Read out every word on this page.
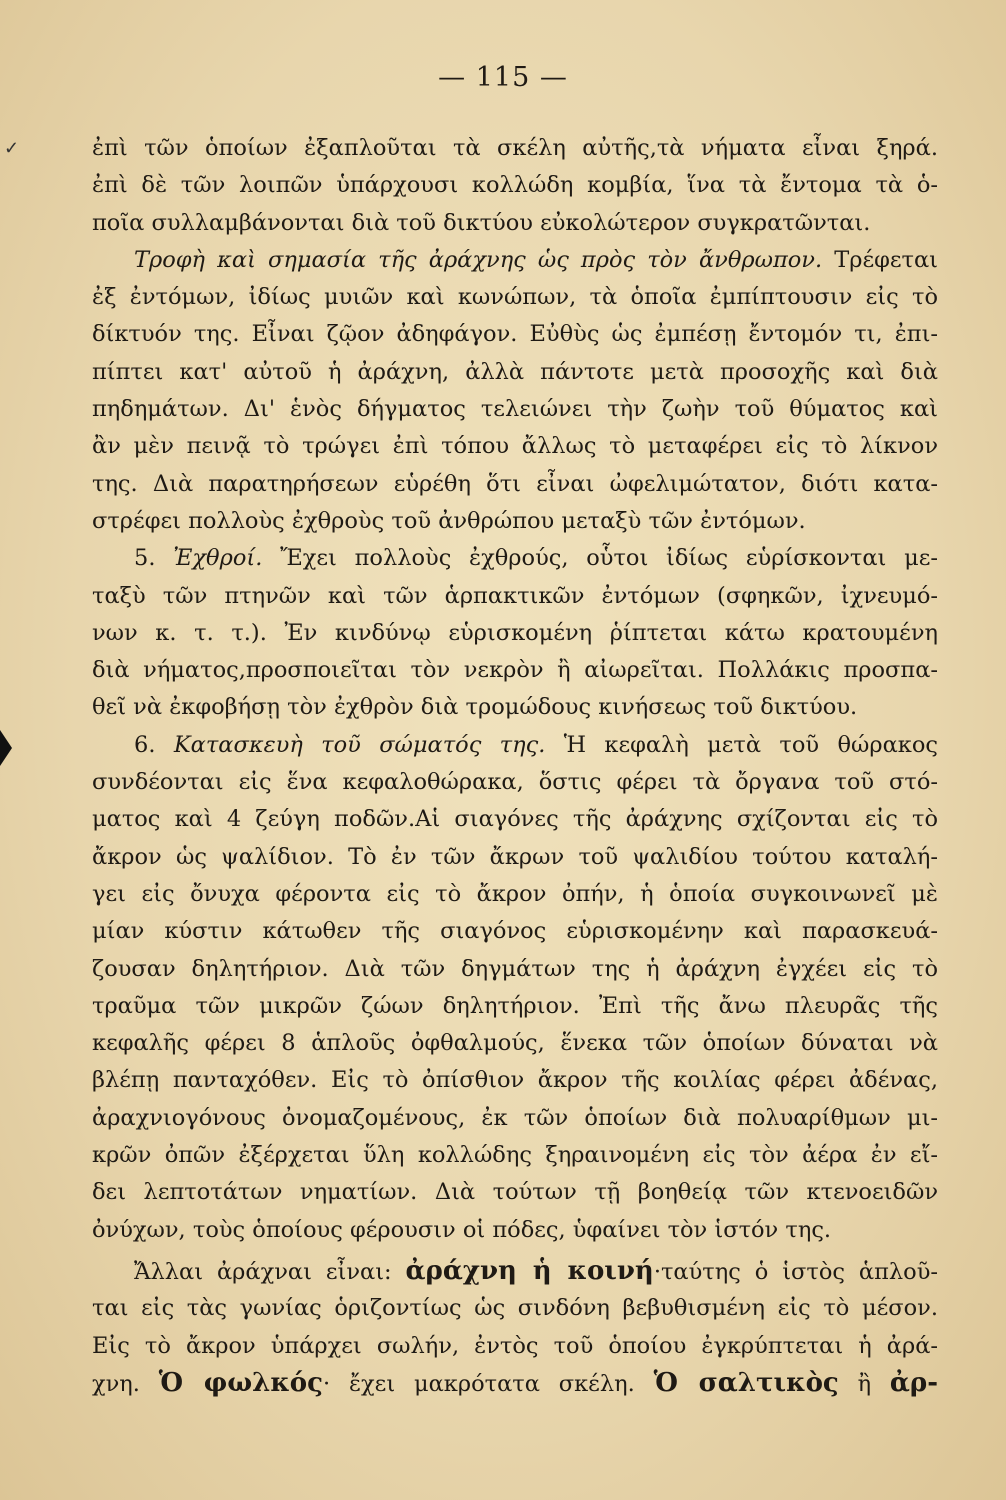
— 115 —
✓	ἐπὶ τῶν ὁποίων ἐξαπλοῦται τὰ σκέλη αὐτῆς,τὰ νήματα εἶναι ξηρά.
ἐπὶ δὲ τῶν λοιπῶν ὑπάρχουσι κολλώδη κομβία, ἵνα τὰ ἔντομα τὰ ὁ-
ποῖα συλλαμβάνονται διὰ τοῦ δικτύου εὐκολώτερον συγκρατῶνται.
Τροφὴ καὶ σημασία τῆς ἀράχνης ὡς πρὸς τὸν ἄνθρωπον. Τρέφεται
ἐξ ἐντόμων, ἰδίως μυιῶν καὶ κωνώπων, τὰ ὁποῖα ἐμπίπτουσιν εἰς τὸ
δίκτυόν της. Εἶναι ζῷον ἀδηφάγον. Εὐθὺς ὡς ἐμπέσῃ ἔντομόν τι, ἐπι-
πίπτει κατ' αὐτοῦ ἡ ἀράχνη, ἀλλὰ πάντοτε μετὰ προσοχῆς καὶ διὰ
πηδημάτων. Δι' ἑνὸς δήγματος τελειώνει τὴν ζωὴν τοῦ θύματος καὶ
ἂν μὲν πεινᾷ τὸ τρώγει ἐπὶ τόπου ἄλλως τὸ μεταφέρει εἰς τὸ λίκνον
της. Διὰ παρατηρήσεων εὑρέθη ὅτι εἶναι ὠφελιμώτατον, διότι κατα-
στρέφει πολλοὺς ἐχθροὺς τοῦ ἀνθρώπου μεταξὺ τῶν ἐντόμων.
5. Ἐχθροί. Ἔχει πολλοὺς ἐχθρούς, οὗτοι ἰδίως εὑρίσκονται με-
ταξὺ τῶν πτηνῶν καὶ τῶν ἁρπακτικῶν ἐντόμων (σφηκῶν, ἰχνευμό-
νων κ. τ. τ.). Ἐν κινδύνῳ εὑρισκομένη ῥίπτεται κάτω κρατουμένη
διὰ νήματος,προσποιεῖται τὸν νεκρὸν ἢ αἰωρεῖται. Πολλάκις προσπα-
θεῖ νὰ ἐκφοβήσῃ τὸν ἐχθρὸν διὰ τρομώδους κινήσεως τοῦ δικτύου.
6. Κατασκευὴ τοῦ σώματός της. Ἡ κεφαλὴ μετὰ τοῦ θώρακος
συνδέονται εἰς ἕνα κεφαλοθώρακα, ὅστις φέρει τὰ ὄργανα τοῦ στό-
ματος καὶ 4 ζεύγη ποδῶν.Αἱ σιαγόνες τῆς ἀράχνης σχίζονται εἰς τὸ
ἄκρον ὡς ψαλίδιον. Τὸ ἐν τῶν ἄκρων τοῦ ψαλιδίου τούτου καταλή-
γει εἰς ὄνυχα φέροντα εἰς τὸ ἄκρον ὀπήν, ἡ ὁποία συγκοινωνεῖ μὲ
μίαν κύστιν κάτωθεν τῆς σιαγόνος εὑρισκομένην καὶ παρασκευά-
ζουσαν δηλητήριον. Διὰ τῶν δηγμάτων της ἡ ἀράχνη ἐγχέει εἰς τὸ
τραῦμα τῶν μικρῶν ζώων δηλητήριον. Ἐπὶ τῆς ἄνω πλευρᾶς τῆς
κεφαλῆς φέρει 8 ἁπλοῦς ὀφθαλμούς, ἕνεκα τῶν ὁποίων δύναται νὰ
βλέπῃ πανταχόθεν. Εἰς τὸ ὀπίσθιον ἄκρον τῆς κοιλίας φέρει ἀδένας,
ἀραχνιογόνους ὀνομαζομένους, ἐκ τῶν ὁποίων διὰ πολυαρίθμων μι-
κρῶν ὀπῶν ἐξέρχεται ὕλη κολλώδης ξηραινομένη εἰς τὸν ἀέρα ἐν εἴ-
δει λεπτοτάτων νηματίων. Διὰ τούτων τῇ βοηθείᾳ τῶν κτενοειδῶν
ὀνύχων, τοὺς ὁποίους φέρουσιν οἱ πόδες, ὑφαίνει τὸν ἱστόν της.
Ἄλλαι ἀράχναι εἶναι: ἀράχνη ἡ κοινή·ταύτης ὁ ἱστὸς ἁπλοῦ-
ται εἰς τὰς γωνίας ὁριζοντίως ὡς σινδόνη βεβυθισμένη εἰς τὸ μέσον.
Εἰς τὸ ἄκρον ὑπάρχει σωλήν, ἐντὸς τοῦ ὁποίου ἐγκρύπτεται ἡ ἀρά-
χνη. Ὁ φωλκός· ἔχει μακρότατα σκέλη. Ὁ σαλτικὸς ἢ ἀρ-
